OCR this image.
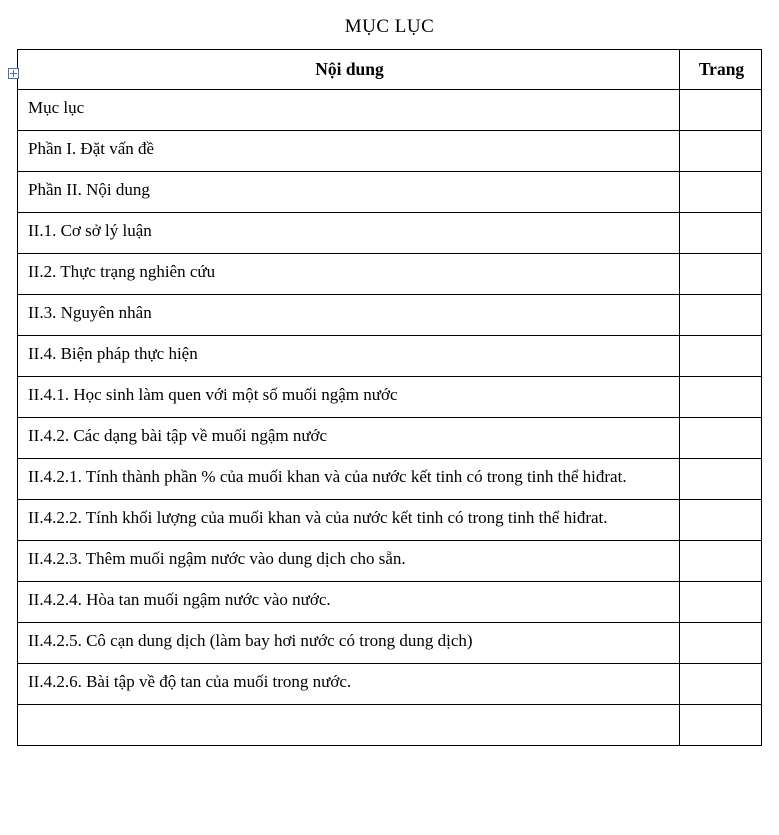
MỤC LỤC
Nội dung	Trang
Mục lục	
Phần I. Đặt vấn đề	
Phần II. Nội dung	
II.1. Cơ sở lý luận	
II.2. Thực trạng nghiên cứu	
II.3. Nguyên nhân	
II.4. Biện pháp thực hiện	
II.4.1. Học sinh làm quen với một số muối ngậm nước	
II.4.2. Các dạng bài tập về muối ngậm nước	
II.4.2.1. Tính thành phần % của muối khan và của nước kết tinh có trong tinh thể hiđrat.	
II.4.2.2. Tính khối lượng của muối khan và của nước kết tinh có trong tinh thể hiđrat.	
II.4.2.3. Thêm muối ngậm nước vào dung dịch cho sẵn.	
II.4.2.4. Hòa tan muối ngậm nước vào nước.	
II.4.2.5. Cô cạn dung dịch (làm bay hơi nước có trong dung dịch)	
II.4.2.6. Bài tập về độ tan của muối trong nước.	
